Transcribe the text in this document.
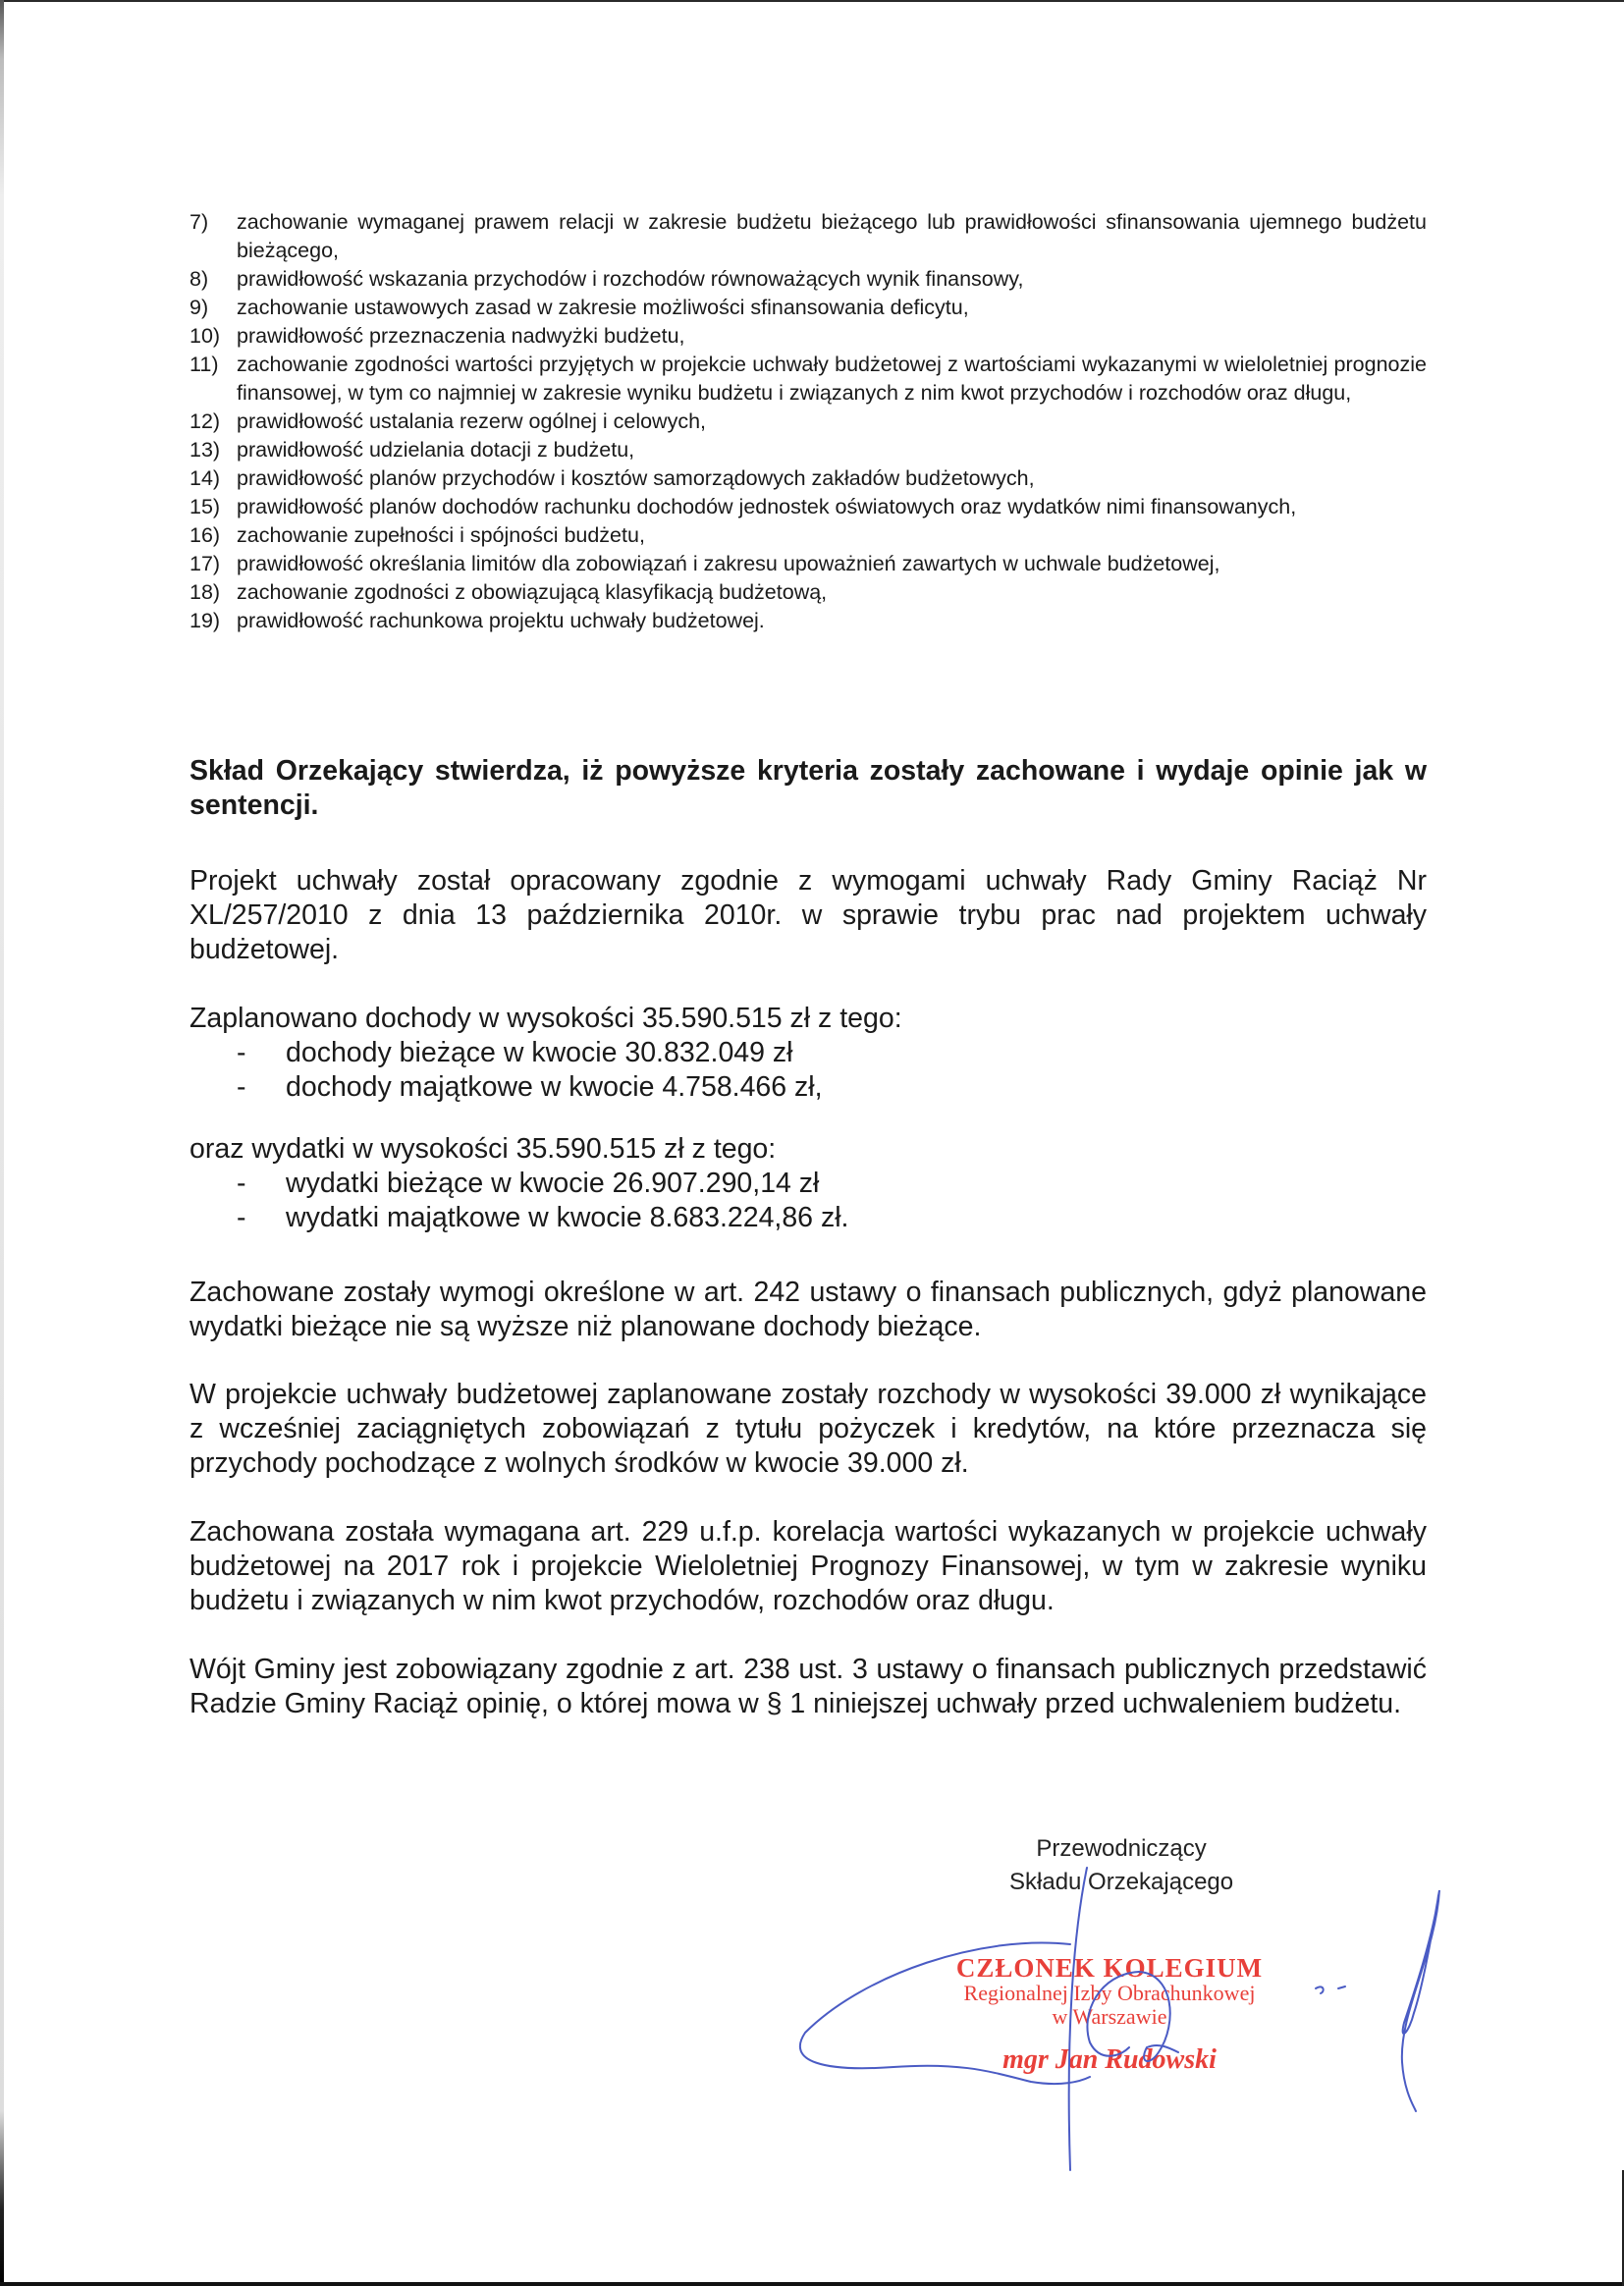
7) zachowanie wymaganej prawem relacji w zakresie budżetu bieżącego lub prawidłowości sfinansowania ujemnego budżetu bieżącego,
8) prawidłowość wskazania przychodów i rozchodów równoważących wynik finansowy,
9) zachowanie ustawowych zasad w zakresie możliwości sfinansowania deficytu,
10) prawidłowość przeznaczenia nadwyżki budżetu,
11) zachowanie zgodności wartości przyjętych w projekcie uchwały budżetowej z wartościami wykazanymi w wieloletniej prognozie finansowej, w tym co najmniej w zakresie wyniku budżetu i związanych z nim kwot przychodów i rozchodów oraz długu,
12) prawidłowość ustalania rezerw ogólnej i celowych,
13) prawidłowość udzielania dotacji z budżetu,
14) prawidłowość planów przychodów i kosztów samorządowych zakładów budżetowych,
15) prawidłowość planów dochodów rachunku dochodów jednostek oświatowych oraz wydatków nimi finansowanych,
16) zachowanie zupełności i spójności budżetu,
17) prawidłowość określania limitów dla zobowiązań i zakresu upoważnień zawartych w uchwale budżetowej,
18) zachowanie zgodności z obowiązującą klasyfikacją budżetową,
19) prawidłowość rachunkowa projektu uchwały budżetowej.
Skład Orzekający stwierdza, iż powyższe kryteria zostały zachowane i wydaje opinie jak w sentencji.

Projekt uchwały został opracowany zgodnie z wymogami uchwały Rady Gminy Raciąż Nr XL/257/2010 z dnia 13 października 2010r. w sprawie trybu prac nad projektem uchwały budżetowej.

Zaplanowano dochody w wysokości 35.590.515 zł z tego:
- dochody bieżące w kwocie 30.832.049 zł
- dochody majątkowe w kwocie 4.758.466 zł,
oraz wydatki w wysokości 35.590.515 zł z tego:
- wydatki bieżące w kwocie 26.907.290,14 zł
- wydatki majątkowe w kwocie 8.683.224,86 zł.

Zachowane zostały wymogi określone w art. 242 ustawy o finansach publicznych, gdyż planowane wydatki bieżące nie są wyższe niż planowane dochody bieżące.

W projekcie uchwały budżetowej zaplanowane zostały rozchody w wysokości 39.000 zł wynikające z wcześniej zaciągniętych zobowiązań z tytułu pożyczek i kredytów, na które przeznacza się przychody pochodzące z wolnych środków w kwocie 39.000 zł.

Zachowana została wymagana art. 229 u.f.p. korelacja wartości wykazanych w projekcie uchwały budżetowej na 2017 rok i projekcie Wieloletniej Prognozy Finansowej, w tym w zakresie wyniku budżetu i związanych w nim kwot przychodów, rozchodów oraz długu.

Wójt Gminy jest zobowiązany zgodnie z art. 238 ust. 3 ustawy o finansach publicznych przedstawić Radzie Gminy Raciąż opinię, o której mowa w § 1 niniejszej uchwały przed uchwaleniem budżetu.

Przewodniczący
Składu Orzekającego
CZŁONEK KOLEGIUM
Regionalnej Izby Obrachunkowej
w Warszawie
mgr Jan Rudowski
